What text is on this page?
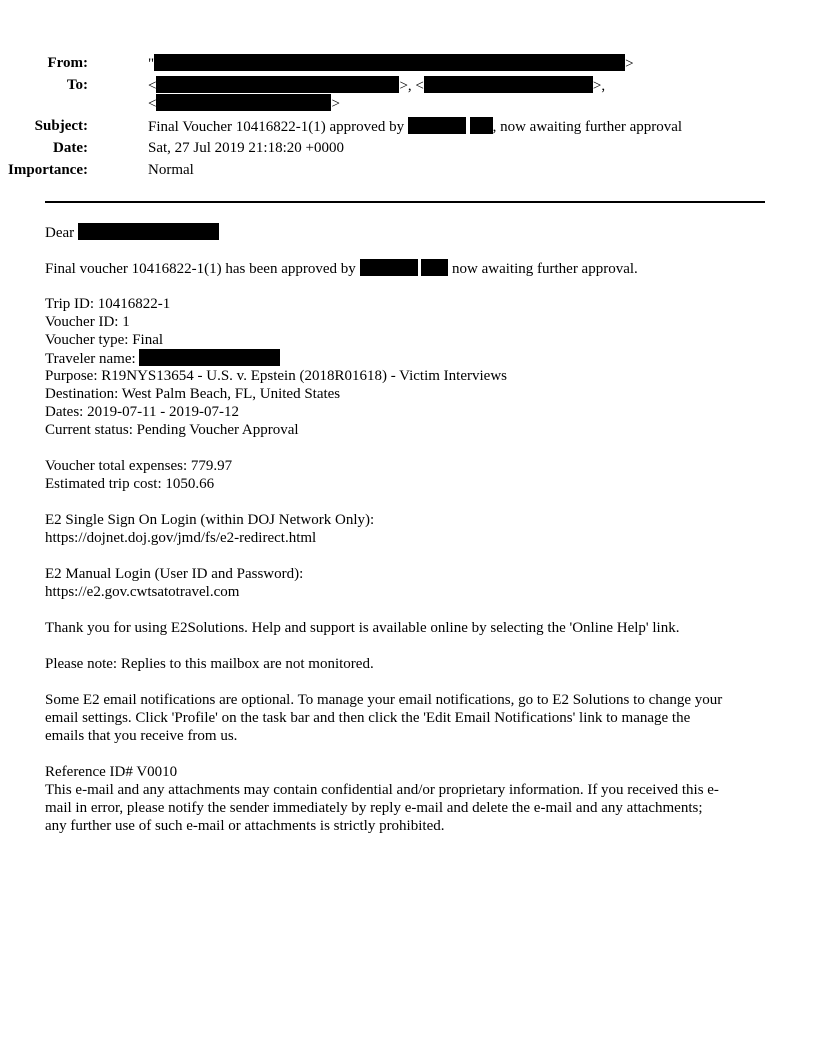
From:	"	>
To:	<	>, <	>,
<	>
Subject:	Final Voucher 10416822-1(1) approved by	, now awaiting further approval
Date:	Sat, 27 Jul 2019 21:18:20 +0000
Importance:	Normal
Dear
Final voucher 10416822-1(1) has been approved by	now awaiting further approval.
Trip ID: 10416822-1
Voucher ID: 1
Voucher type: Final
Traveler name:
Purpose: R19NYS13654 - U.S. v. Epstein (2018R01618) - Victim Interviews
Destination: West Palm Beach, FL, United States
Dates: 2019-07-11 - 2019-07-12
Current status: Pending Voucher Approval
Voucher total expenses: 779.97
Estimated trip cost: 1050.66
E2 Single Sign On Login (within DOJ Network Only):
https://dojnet.doj.gov/jmd/fs/e2-redirect.html
E2 Manual Login (User ID and Password):
https://e2.gov.cwtsatotravel.com
Thank you for using E2Solutions. Help and support is available online by selecting the 'Online Help' link.
Please note: Replies to this mailbox are not monitored.
Some E2 email notifications are optional. To manage your email notifications, go to E2 Solutions to change your
email settings. Click 'Profile' on the task bar and then click the 'Edit Email Notifications' link to manage the
emails that you receive from us.
Reference ID# V0010
This e-mail and any attachments may contain confidential and/or proprietary information. If you received this e-
mail in error, please notify the sender immediately by reply e-mail and delete the e-mail and any attachments;
any further use of such e-mail or attachments is strictly prohibited.
